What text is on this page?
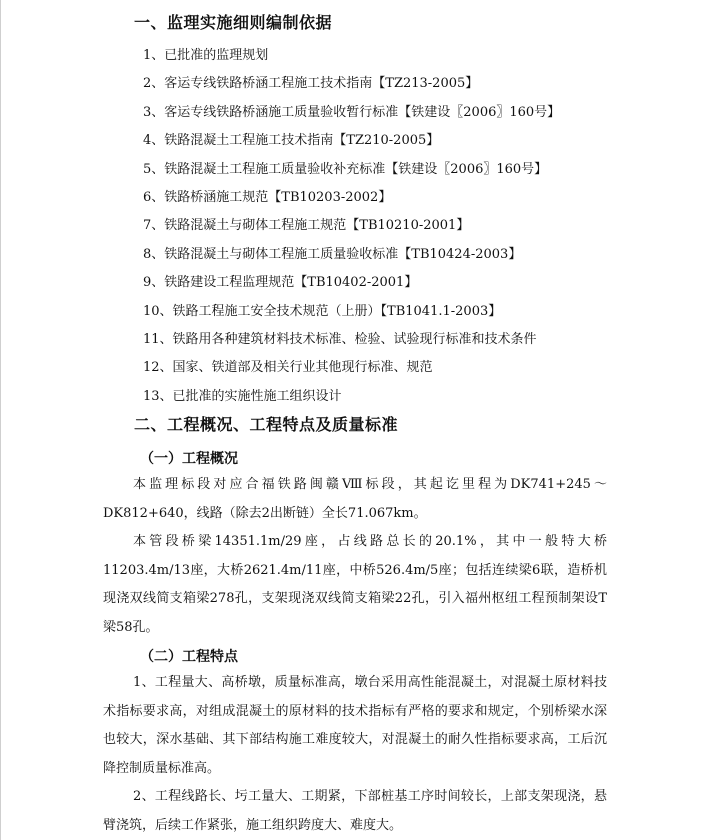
一、监理实施细则编制依据
1、已批准的监理规划
2、客运专线铁路桥涵工程施工技术指南【TZ213-2005】
3、客运专线铁路桥涵施工质量验收暂行标准【铁建设〖2006〗160号】
4、铁路混凝土工程施工技术指南【TZ210-2005】
5、铁路混凝土工程施工质量验收补充标准【铁建设〖2006〗160号】
6、铁路桥涵施工规范【TB10203-2002】
7、铁路混凝土与砌体工程施工规范【TB10210-2001】
8、铁路混凝土与砌体工程施工质量验收标准【TB10424-2003】
9、铁路建设工程监理规范【TB10402-2001】
10、铁路工程施工安全技术规范（上册）【TB1041.1-2003】
11、铁路用各种建筑材料技术标准、检验、试验现行标准和技术条件
12、国家、铁道部及相关行业其他现行标准、规范
13、已批准的实施性施工组织设计
二、工程概况、工程特点及质量标准
（一）工程概况

本监理标段对应合福铁路闽赣Ⅷ标段，其起讫里程为DK741+245～DK812+640，线路（除去2出断链）全长71.067km。

本管段桥梁14351.1m/29座，占线路总长的20.1%，其中一般特大桥11203.4m/13座，大桥2621.4m/11座，中桥526.4m/5座；包括连续梁6联，造桥机现浇双线简支箱梁278孔，支架现浇双线简支箱梁22孔，引入福州枢纽工程预制架设T梁58孔。

（二）工程特点

1、工程量大、高桥墩，质量标准高，墩台采用高性能混凝土，对混凝土原材料技术指标要求高，对组成混凝土的原材料的技术指标有严格的要求和规定，个别桥梁水深也较大，深水基础、其下部结构施工难度较大，对混凝土的耐久性指标要求高，工后沉降控制质量标准高。

2、工程线路长、圬工量大、工期紧，下部桩基工序时间较长，上部支架现浇，悬臂浇筑，后续工作紧张，施工组织跨度大、难度大。
